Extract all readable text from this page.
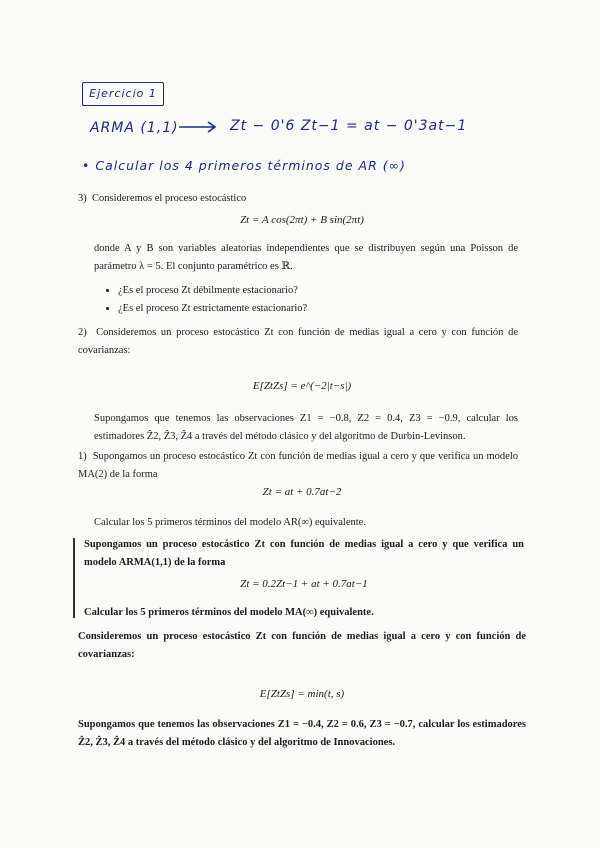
Ejercicio 1
ARMA (1,1)	Zt − 0'6 Zt−1 = at − 0'3at−1
• Calcular los 4 primeros términos de AR (∞)
3) Consideremos el proceso estocástico
Zt = A cos(2πt) + B sin(2πt)
donde A y B son variables aleatorias independientes que se distribuyen según una Poisson de parámetro λ = 5. El conjunto paramétrico es ℝ.
• ¿Es el proceso Zt débilmente estacionario?
• ¿Es el proceso Zt estrictamente estacionario?
2) Consideremos un proceso estocástico Zt con función de medias igual a cero y con función de covarianzas:
E[ZtZs] = e^(−2|t−s|)
Supongamos que tenemos las observaciones Z1 = −0.8, Z2 = 0.4, Z3 = −0.9, calcular los estimadores Ẑ2, Ẑ3, Ẑ4 a través del método clásico y del algoritmo de Durbin-Levinson.
1) Supongamos un proceso estocástico Zt con función de medias igual a cero y que verifica un modelo MA(2) de la forma
Zt = at + 0.7at−2
Calcular los 5 primeros términos del modelo AR(∞) equivalente.
Supongamos un proceso estocástico Zt con función de medias igual a cero y que verifica un modelo ARMA(1,1) de la forma
Zt = 0.2Zt−1 + at + 0.7at−1
Calcular los 5 primeros términos del modelo MA(∞) equivalente.
Consideremos un proceso estocástico Zt con función de medias igual a cero y con función de covarianzas:
E[ZtZs] = min(t, s)
Supongamos que tenemos las observaciones Z1 = −0.4, Z2 = 0.6, Z3 = −0.7, calcular los estimadores Ẑ2, Ẑ3, Ẑ4 a través del método clásico y del algoritmo de Innovaciones.
